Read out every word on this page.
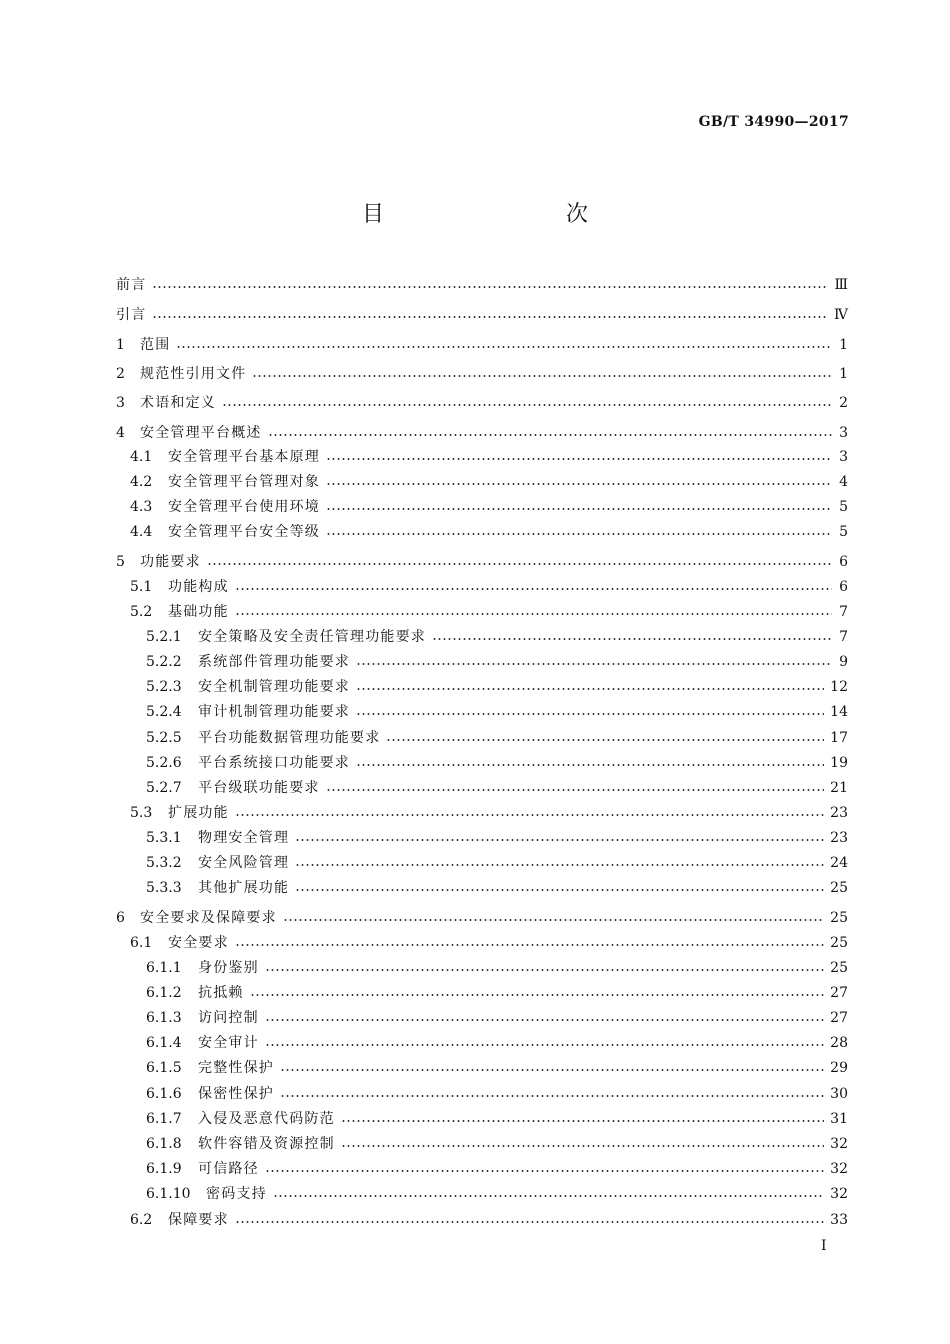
GB/T 34990—2017
目　　次
前言	Ⅲ
引言	Ⅳ
1	范围	1
2	规范性引用文件	1
3	术语和定义	2
4	安全管理平台概述	3
4.1	安全管理平台基本原理	3
4.2	安全管理平台管理对象	4
4.3	安全管理平台使用环境	5
4.4	安全管理平台安全等级	5
5	功能要求	6
5.1	功能构成	6
5.2	基础功能	7
5.2.1	安全策略及安全责任管理功能要求	7
5.2.2	系统部件管理功能要求	9
5.2.3	安全机制管理功能要求	12
5.2.4	审计机制管理功能要求	14
5.2.5	平台功能数据管理功能要求	17
5.2.6	平台系统接口功能要求	19
5.2.7	平台级联功能要求	21
5.3	扩展功能	23
5.3.1	物理安全管理	23
5.3.2	安全风险管理	24
5.3.3	其他扩展功能	25
6	安全要求及保障要求	25
6.1	安全要求	25
6.1.1	身份鉴别	25
6.1.2	抗抵赖	27
6.1.3	访问控制	27
6.1.4	安全审计	28
6.1.5	完整性保护	29
6.1.6	保密性保护	30
6.1.7	入侵及恶意代码防范	31
6.1.8	软件容错及资源控制	32
6.1.9	可信路径	32
6.1.10	密码支持	32
6.2	保障要求	33
Ⅰ
